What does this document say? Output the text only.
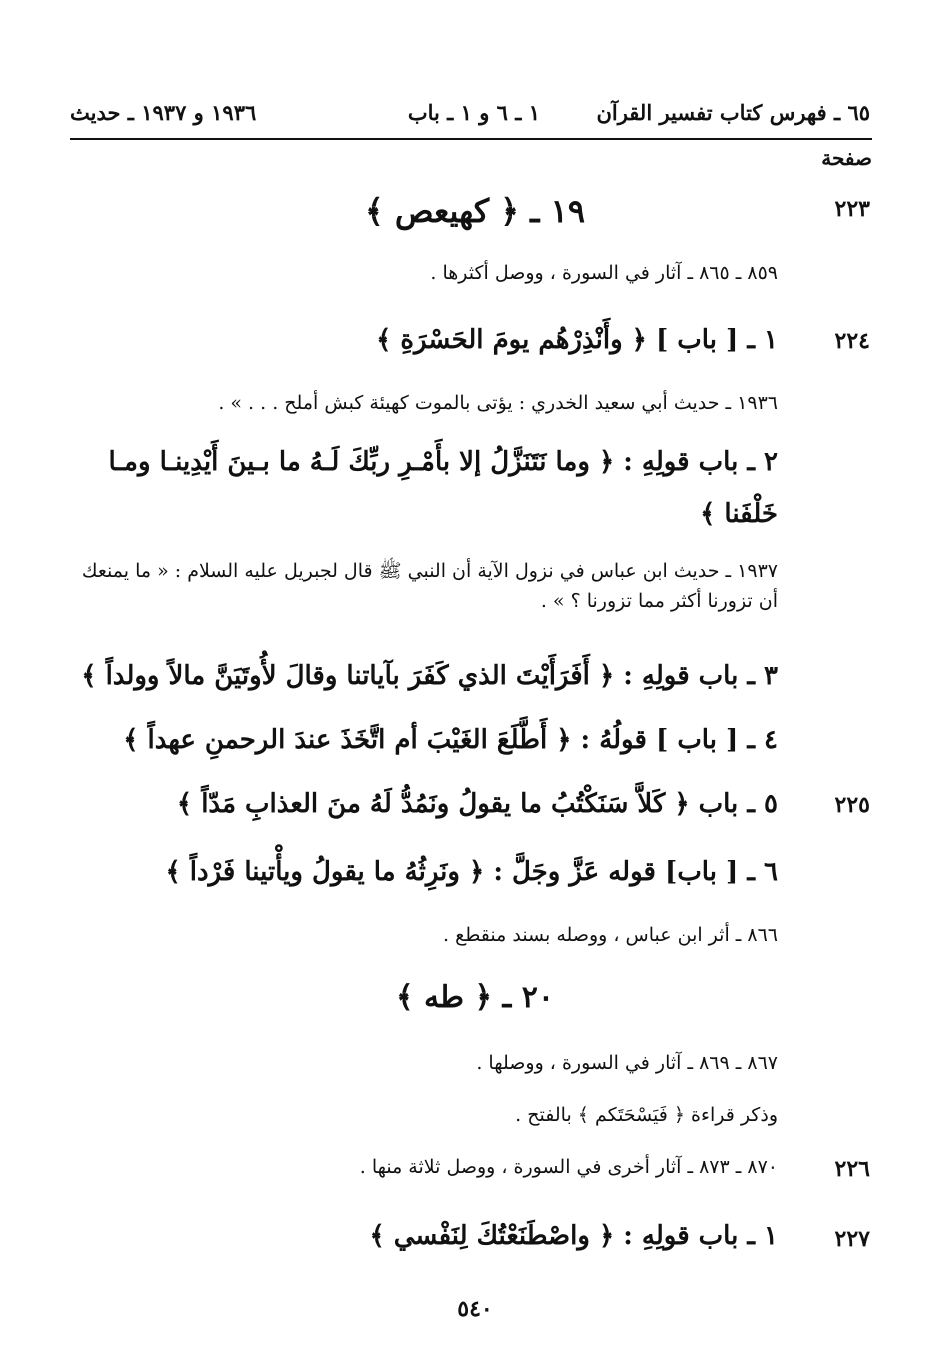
٦٥ ـ فهرس كتاب تفسير القرآن
١ ـ ٦ و ١ ـ باب
١٩٣٦ و ١٩٣٧ ـ حديث
صفحة
٢٢٣
١٩ ـ ﴿ كهيعص ﴾
٨٥٩ ـ ٨٦٥ ـ آثار في السورة ، ووصل أكثرها .
٢٢٤
١ ـ [ باب ] ﴿ وأَنْذِرْهُم يومَ الحَسْرَةِ ﴾
١٩٣٦ ـ حديث أبي سعيد الخدري : يؤتى بالموت كهيئة كبش أملح . . . » .
٢ ـ باب قولِهِ : ﴿ وما نَتَنَزَّلُ إلا بأَمْـرِ ربِّكَ لَـهُ ما بـينَ أَيْدِينـا ومـا خَلْفَنا ﴾
١٩٣٧ ـ حديث ابن عباس في نزول الآية أن النبي ﷺ قال لجبريل عليه السلام : « ما يمنعك أن تزورنا أكثر مما تزورنا ؟ » .
٣ ـ باب قولِهِ : ﴿ أَفَرَأَيْتَ الذي كَفَرَ بآياتنا وقالَ لأُوتَيَنَّ مالاً وولداً ﴾
٤ ـ [ باب ] قولُهُ : ﴿ أَطَّلَعَ الغَيْبَ أم اتَّخَذَ عندَ الرحمنِ عهداً ﴾
٢٢٥
٥ ـ باب ﴿ كَلاَّ سَنَكْتُبُ ما يقولُ ونَمُدُّ لَهُ منَ العذابِ مَدّاً ﴾
٦ ـ [ باب] قوله عَزَّ وجَلَّ : ﴿ ونَرِثُهُ ما يقولُ ويأْتينا فَرْداً ﴾
٨٦٦ ـ أثر ابن عباس ، ووصله بسند منقطع .
٢٠ ـ ﴿ طه ﴾
٨٦٧ ـ ٨٦٩ ـ آثار في السورة ، ووصلها .
وذكر قراءة ﴿ فَيَسْحَتَكم ﴾ بالفتح .
٢٢٦
٨٧٠ ـ ٨٧٣ ـ آثار أخرى في السورة ، ووصل ثلاثة منها .
٢٢٧
١ ـ باب قولِهِ : ﴿ واصْطَنَعْتُكَ لِنَفْسي ﴾
٥٤٠
